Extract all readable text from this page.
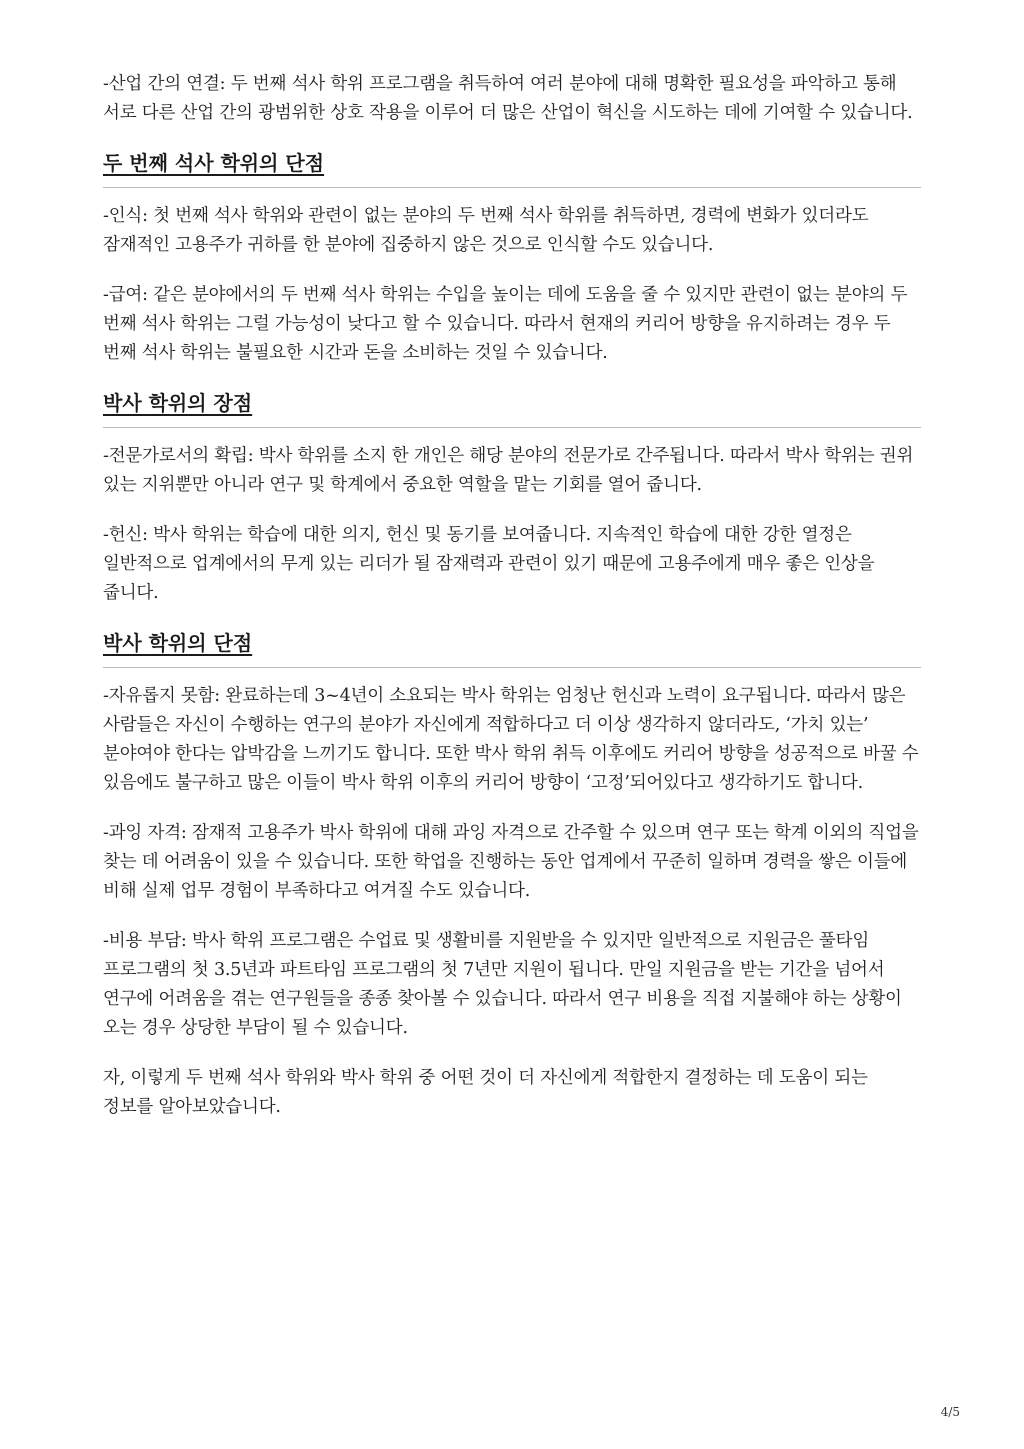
-산업 간의 연결: 두 번째 석사 학위 프로그램을 취득하여 여러 분야에 대해 명확한 필요성을 파악하고 통해 서로 다른 산업 간의 광범위한 상호 작용을 이루어 더 많은 산업이 혁신을 시도하는 데에 기여할 수 있습니다.

두 번째 석사 학위의 단점

-인식: 첫 번째 석사 학위와 관련이 없는 분야의 두 번째 석사 학위를 취득하면, 경력에 변화가 있더라도 잠재적인 고용주가 귀하를 한 분야에 집중하지 않은 것으로 인식할 수도 있습니다.

-급여: 같은 분야에서의 두 번째 석사 학위는 수입을 높이는 데에 도움을 줄 수 있지만 관련이 없는 분야의 두 번째 석사 학위는 그럴 가능성이 낮다고 할 수 있습니다. 따라서 현재의 커리어 방향을 유지하려는 경우 두 번째 석사 학위는 불필요한 시간과 돈을 소비하는 것일 수 있습니다.

박사 학위의 장점

-전문가로서의 확립: 박사 학위를 소지 한 개인은 해당 분야의 전문가로 간주됩니다. 따라서 박사 학위는 권위 있는 지위뿐만 아니라 연구 및 학계에서 중요한 역할을 맡는 기회를 열어 줍니다.

-헌신: 박사 학위는 학습에 대한 의지, 헌신 및 동기를 보여줍니다. 지속적인 학습에 대한 강한 열정은 일반적으로 업계에서의 무게 있는 리더가 될 잠재력과 관련이 있기 때문에 고용주에게 매우 좋은 인상을 줍니다.

박사 학위의 단점

-자유롭지 못함: 완료하는데 3~4년이 소요되는 박사 학위는 엄청난 헌신과 노력이 요구됩니다. 따라서 많은 사람들은 자신이 수행하는 연구의 분야가 자신에게 적합하다고 더 이상 생각하지 않더라도, ‘가치 있는’ 분야여야 한다는 압박감을 느끼기도 합니다. 또한 박사 학위 취득 이후에도 커리어 방향을 성공적으로 바꿀 수 있음에도 불구하고 많은 이들이 박사 학위 이후의 커리어 방향이 ‘고정’되어있다고 생각하기도 합니다.

-과잉 자격: 잠재적 고용주가 박사 학위에 대해 과잉 자격으로 간주할 수 있으며 연구 또는 학계 이외의 직업을 찾는 데 어려움이 있을 수 있습니다. 또한 학업을 진행하는 동안 업계에서 꾸준히 일하며 경력을 쌓은 이들에 비해 실제 업무 경험이 부족하다고 여겨질 수도 있습니다.

-비용 부담: 박사 학위 프로그램은 수업료 및 생활비를 지원받을 수 있지만 일반적으로 지원금은 풀타임 프로그램의 첫 3.5년과 파트타임 프로그램의 첫 7년만 지원이 됩니다. 만일 지원금을 받는 기간을 넘어서 연구에 어려움을 겪는 연구원들을 종종 찾아볼 수 있습니다. 따라서 연구 비용을 직접 지불해야 하는 상황이 오는 경우 상당한 부담이 될 수 있습니다.

자, 이렇게 두 번째 석사 학위와 박사 학위 중 어떤 것이 더 자신에게 적합한지 결정하는 데 도움이 되는 정보를 알아보았습니다.

4/5
